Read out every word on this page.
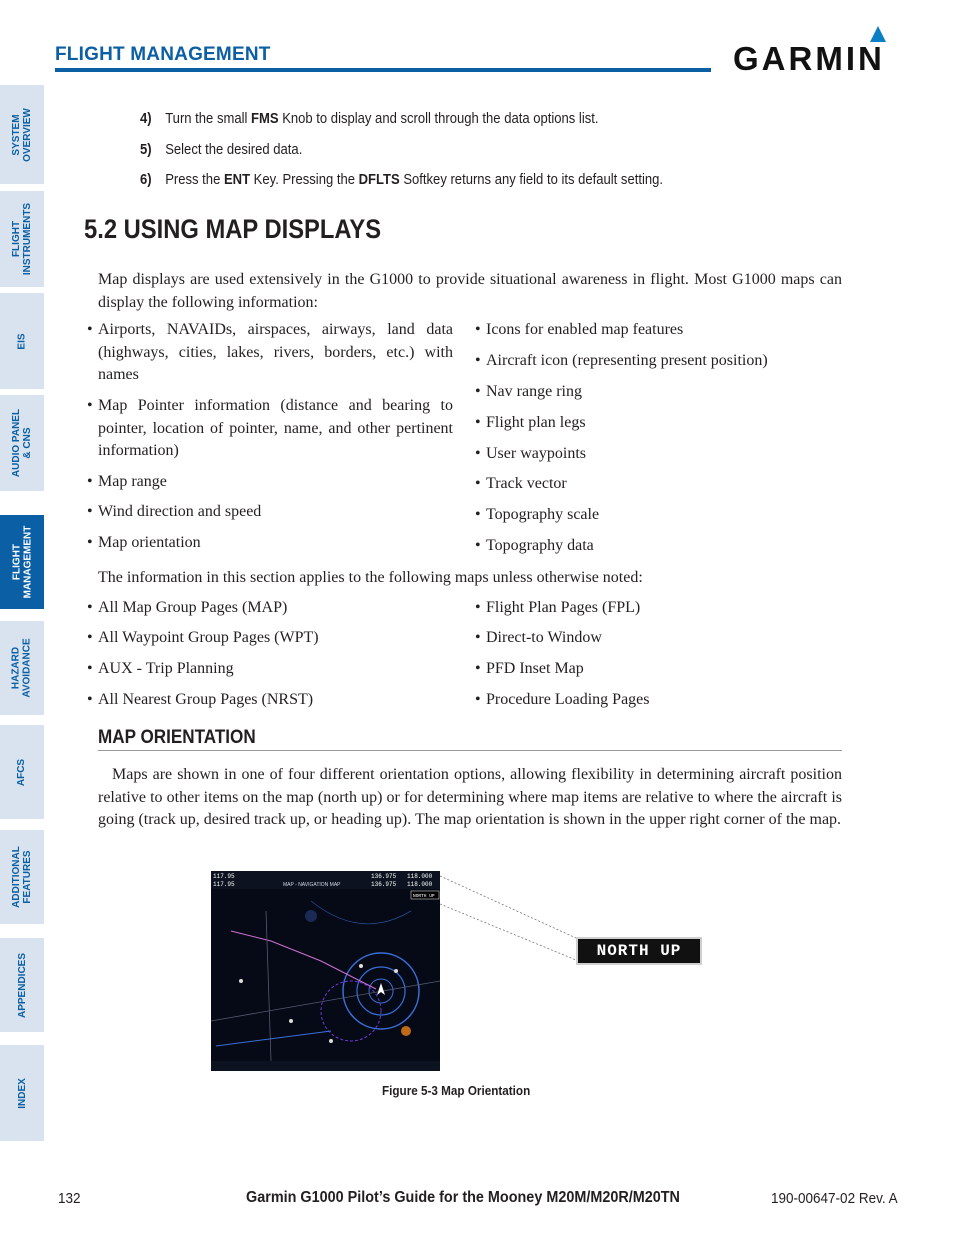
FLIGHT MANAGEMENT	GARMIN
SYSTEM
OVERVIEW
FLIGHT
INSTRUMENTS
EIS
AUDIO PANEL
& CNS
FLIGHT
MANAGEMENT
HAZARD
AVOIDANCE
AFCS
ADDITIONAL
FEATURES
APPENDICES
INDEX
4) Turn the small FMS Knob to display and scroll through the data options list.
5) Select the desired data.
6) Press the ENT Key. Pressing the DFLTS Softkey returns any field to its default setting.
5.2 USING MAP DISPLAYS
Map displays are used extensively in the G1000 to provide situational awareness in flight. Most G1000 maps can display the following information:
• Airports, NAVAIDs, airspaces, airways, land data (highways, cities, lakes, rivers, borders, etc.) with names
• Map Pointer information (distance and bearing to pointer, location of pointer, name, and other pertinent information)
• Map range
• Wind direction and speed
• Map orientation
• Icons for enabled map features
• Aircraft icon (representing present position)
• Nav range ring
• Flight plan legs
• User waypoints
• Track vector
• Topography scale
• Topography data
The information in this section applies to the following maps unless otherwise noted:
• All Map Group Pages (MAP)
• All Waypoint Group Pages (WPT)
• AUX - Trip Planning
• All Nearest Group Pages (NRST)
• Flight Plan Pages (FPL)
• Direct-to Window
• PFD Inset Map
• Procedure Loading Pages
MAP ORIENTATION
Maps are shown in one of four different orientation options, allowing flexibility in determining aircraft position relative to other items on the map (north up) or for determining where map items are relative to where the aircraft is going (track up, desired track up, or heading up). The map orientation is shown in the upper right corner of the map.
117.95
117.95	MAP - NAVIGATION MAP
136.975 118.000
136.975 118.000
NORTH UP
NORTH UP
Figure 5-3 Map Orientation
132	Garmin G1000 Pilot’s Guide for the Mooney M20M/M20R/M20TN	190-00647-02 Rev. A
